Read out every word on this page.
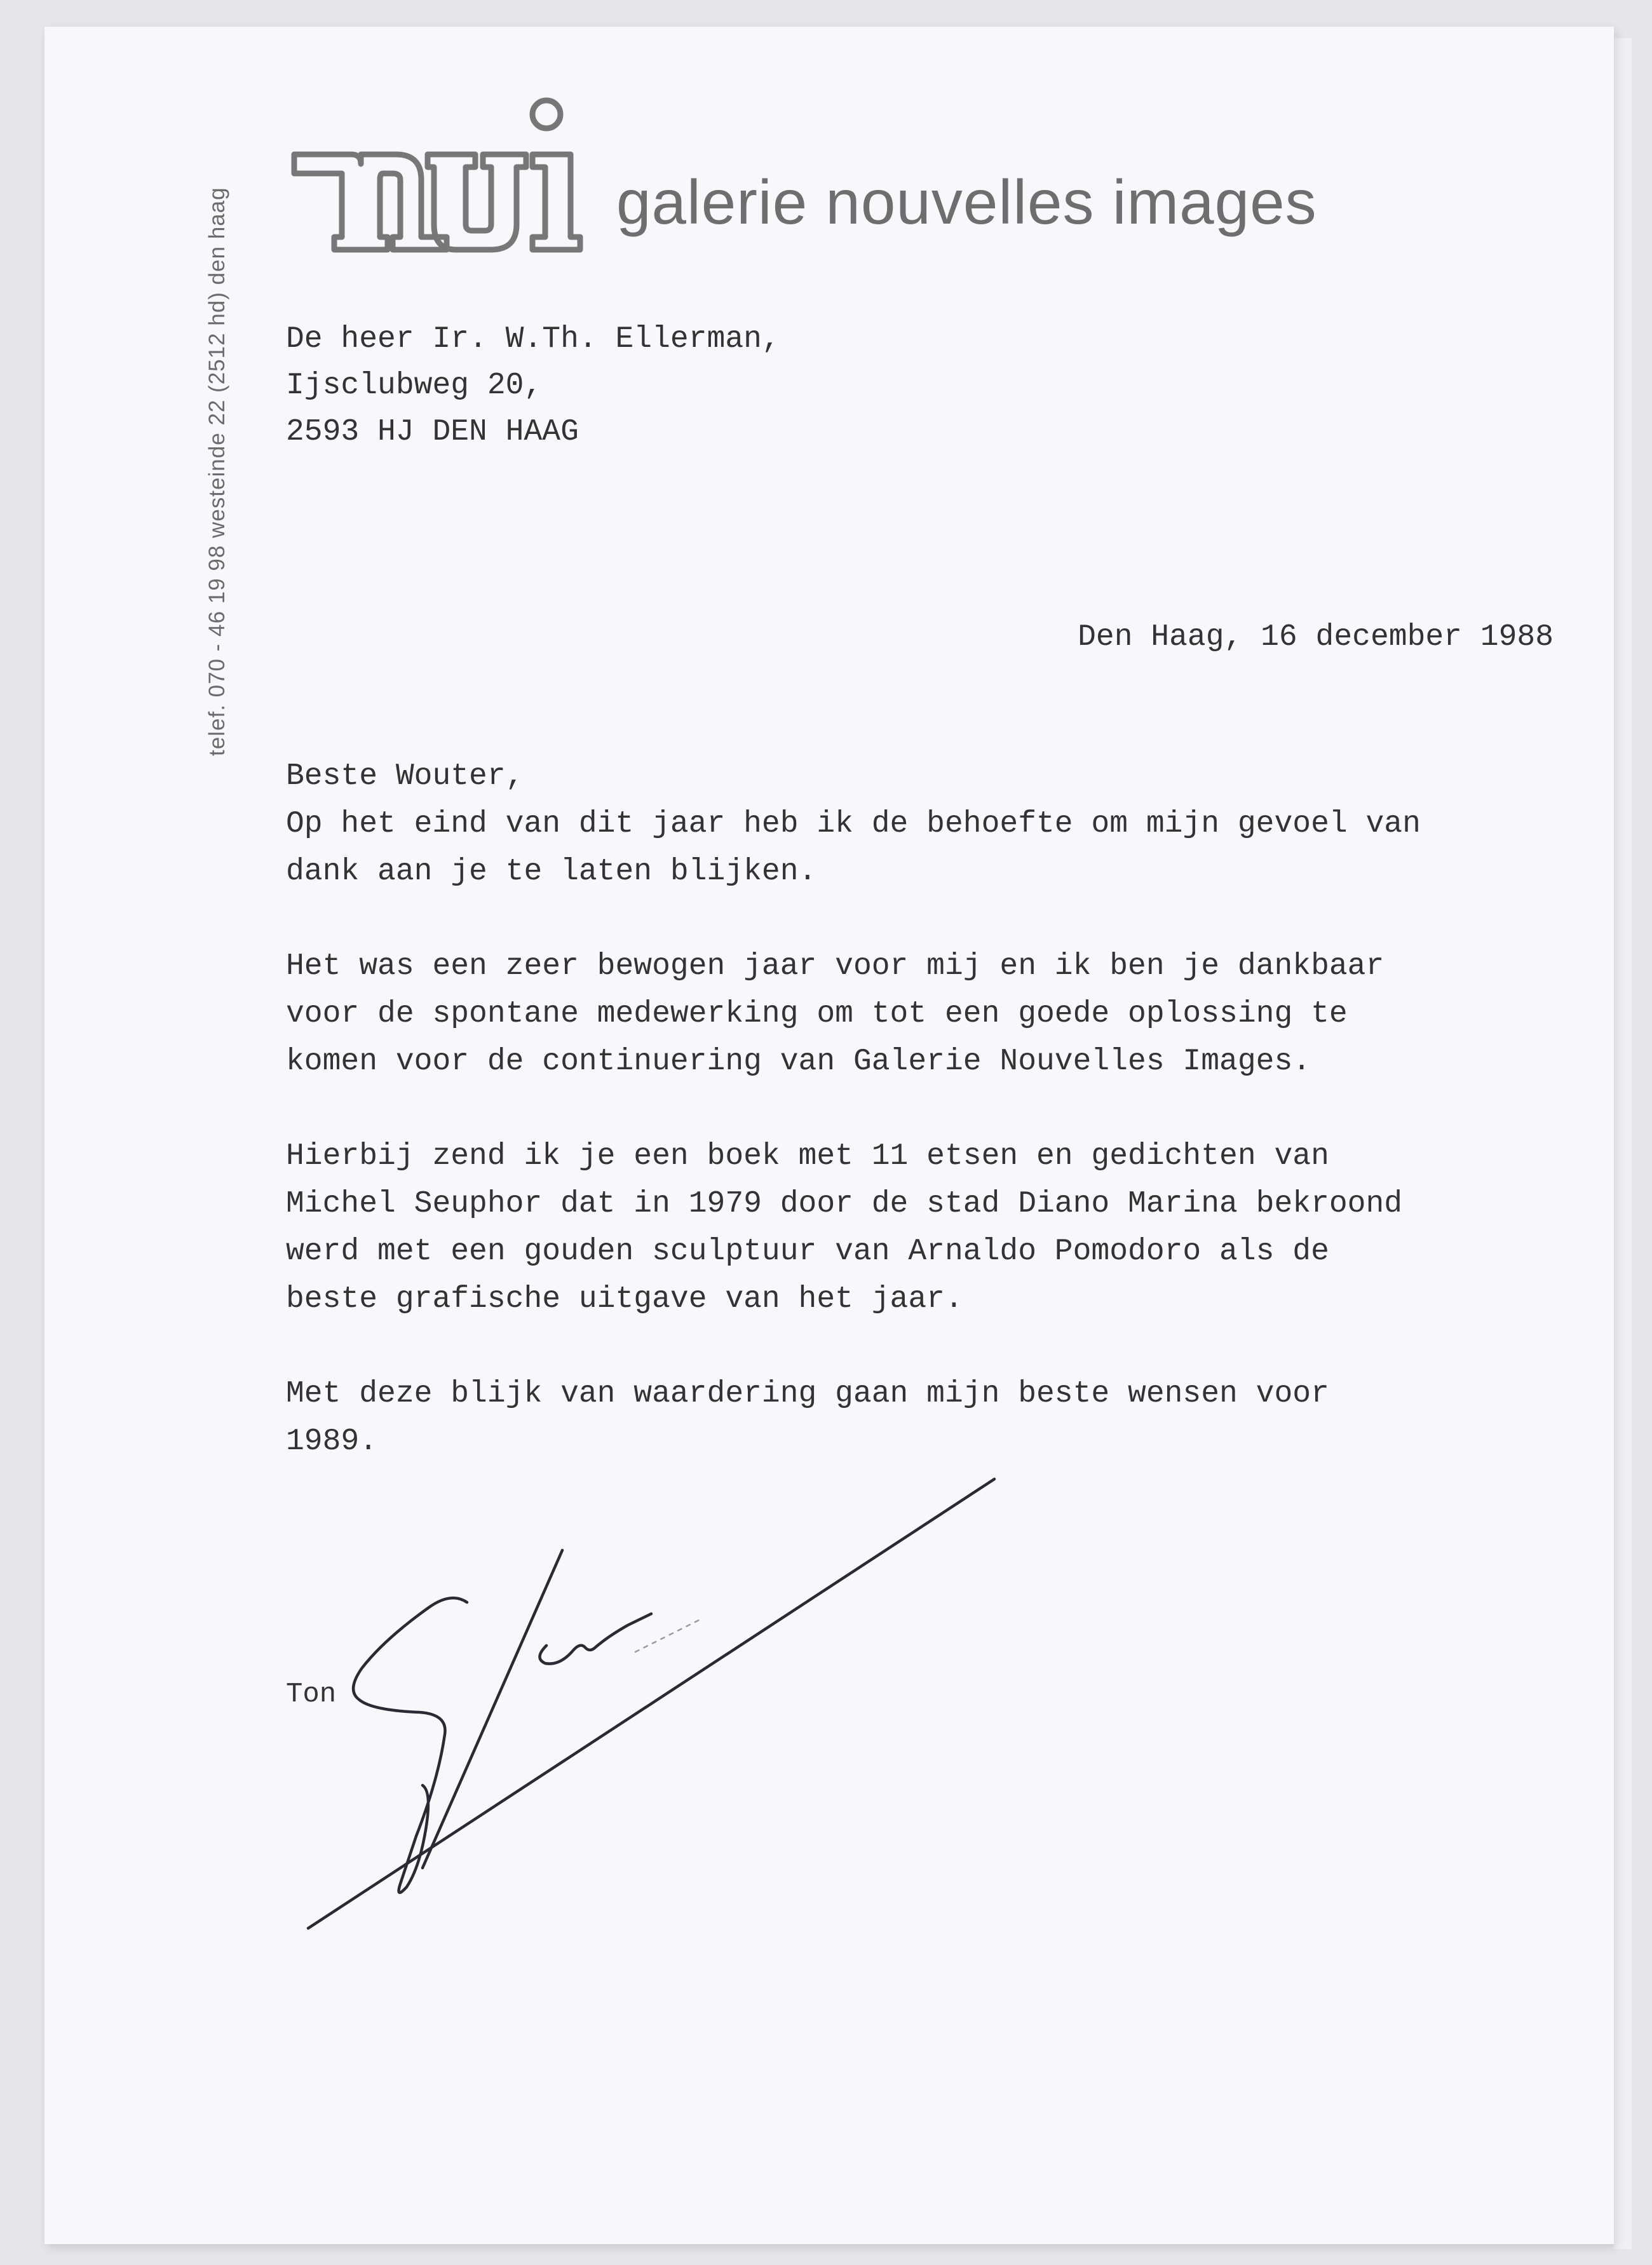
telef. 070 - 46 19 98 westeinde 22 (2512 hd) den haag	galerie nouvelles images
De heer Ir. W.Th. Ellerman,
Ijsclubweg 20,
2593 HJ DEN HAAG
Den Haag, 16 december 1988
Beste Wouter,
Op het eind van dit jaar heb ik de behoefte om mijn gevoel van
dank aan je te laten blijken.
Het was een zeer bewogen jaar voor mij en ik ben je dankbaar
voor de spontane medewerking om tot een goede oplossing te
komen voor de continuering van Galerie Nouvelles Images.
Hierbij zend ik je een boek met 11 etsen en gedichten van
Michel Seuphor dat in 1979 door de stad Diano Marina bekroond
werd met een gouden sculptuur van Arnaldo Pomodoro als de
beste grafische uitgave van het jaar.
Met deze blijk van waardering gaan mijn beste wensen voor
1989.
Ton
